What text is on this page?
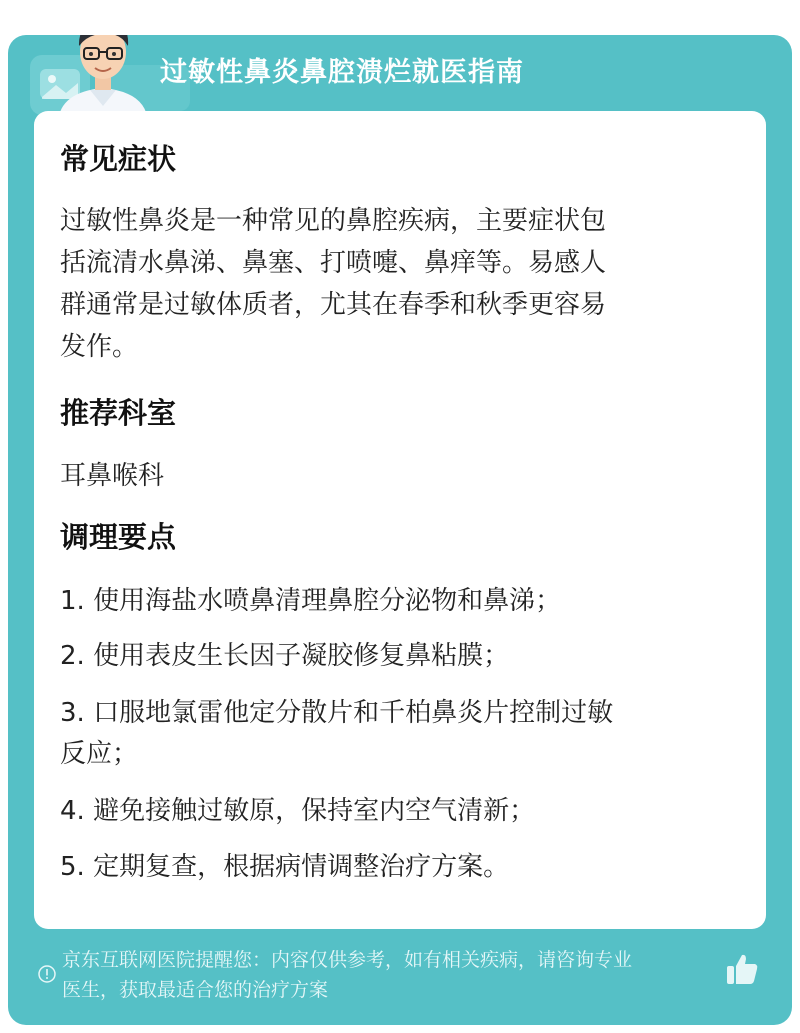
过敏性鼻炎鼻腔溃烂就医指南
常见症状
过敏性鼻炎是一种常见的鼻腔疾病，主要症状包
括流清水鼻涕、鼻塞、打喷嚏、鼻痒等。易感人
群通常是过敏体质者，尤其在春季和秋季更容易
发作。
推荐科室
耳鼻喉科
调理要点
1. 使用海盐水喷鼻清理鼻腔分泌物和鼻涕；
2. 使用表皮生长因子凝胶修复鼻粘膜；
3. 口服地氯雷他定分散片和千柏鼻炎片控制过敏
反应；
4. 避免接触过敏原，保持室内空气清新；
5. 定期复查，根据病情调整治疗方案。
京东互联网医院提醒您：内容仅供参考，如有相关疾病，请咨询专业
医生，获取最适合您的治疗方案
